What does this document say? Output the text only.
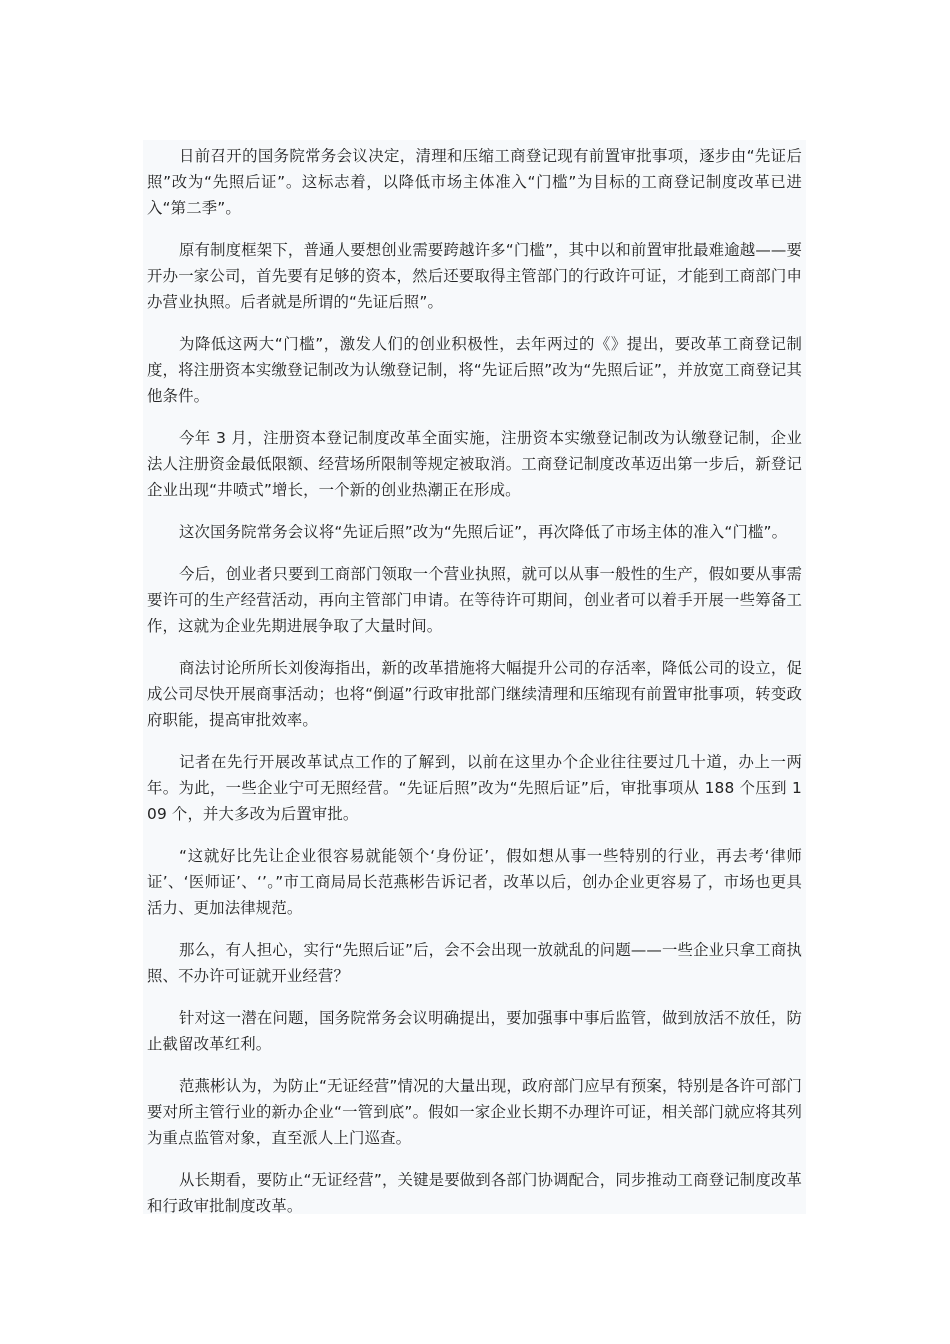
日前召开的国务院常务会议决定，清理和压缩工商登记现有前置审批事项，逐步由“先证后照”改为“先照后证”。这标志着，以降低市场主体准入“门槛”为目标的工商登记制度改革已进入“第二季”。

原有制度框架下，普通人要想创业需要跨越许多“门槛”，其中以和前置审批最难逾越——要开办一家公司，首先要有足够的资本，然后还要取得主管部门的行政许可证，才能到工商部门申办营业执照。后者就是所谓的“先证后照”。

为降低这两大“门槛”，激发人们的创业积极性，去年两过的《》提出，要改革工商登记制度，将注册资本实缴登记制改为认缴登记制，将“先证后照”改为“先照后证”，并放宽工商登记其他条件。

今年 3 月，注册资本登记制度改革全面实施，注册资本实缴登记制改为认缴登记制，企业法人注册资金最低限额、经营场所限制等规定被取消。工商登记制度改革迈出第一步后，新登记企业出现“井喷式”增长，一个新的创业热潮正在形成。

这次国务院常务会议将“先证后照”改为“先照后证”，再次降低了市场主体的准入“门槛”。

今后，创业者只要到工商部门领取一个营业执照，就可以从事一般性的生产，假如要从事需要许可的生产经营活动，再向主管部门申请。在等待许可期间，创业者可以着手开展一些筹备工作，这就为企业先期进展争取了大量时间。

商法讨论所所长刘俊海指出，新的改革措施将大幅提升公司的存活率，降低公司的设立，促成公司尽快开展商事活动；也将“倒逼”行政审批部门继续清理和压缩现有前置审批事项，转变政府职能，提高审批效率。

记者在先行开展改革试点工作的了解到，以前在这里办个企业往往要过几十道，办上一两年。为此，一些企业宁可无照经营。“先证后照”改为“先照后证”后，审批事项从 188 个压到 109 个，并大多改为后置审批。

“这就好比先让企业很容易就能领个‘身份证’，假如想从事一些特别的行业，再去考‘律师证’、‘医师证’、‘’。”市工商局局长范燕彬告诉记者，改革以后，创办企业更容易了，市场也更具活力、更加法律规范。

那么，有人担心，实行“先照后证”后，会不会出现一放就乱的问题——一些企业只拿工商执照、不办许可证就开业经营？

针对这一潜在问题，国务院常务会议明确提出，要加强事中事后监管，做到放活不放任，防止截留改革红利。

范燕彬认为，为防止“无证经营”情况的大量出现，政府部门应早有预案，特别是各许可部门要对所主管行业的新办企业“一管到底”。假如一家企业长期不办理许可证，相关部门就应将其列为重点监管对象，直至派人上门巡查。

从长期看，要防止“无证经营”，关键是要做到各部门协调配合，同步推动工商登记制度改革和行政审批制度改革。
